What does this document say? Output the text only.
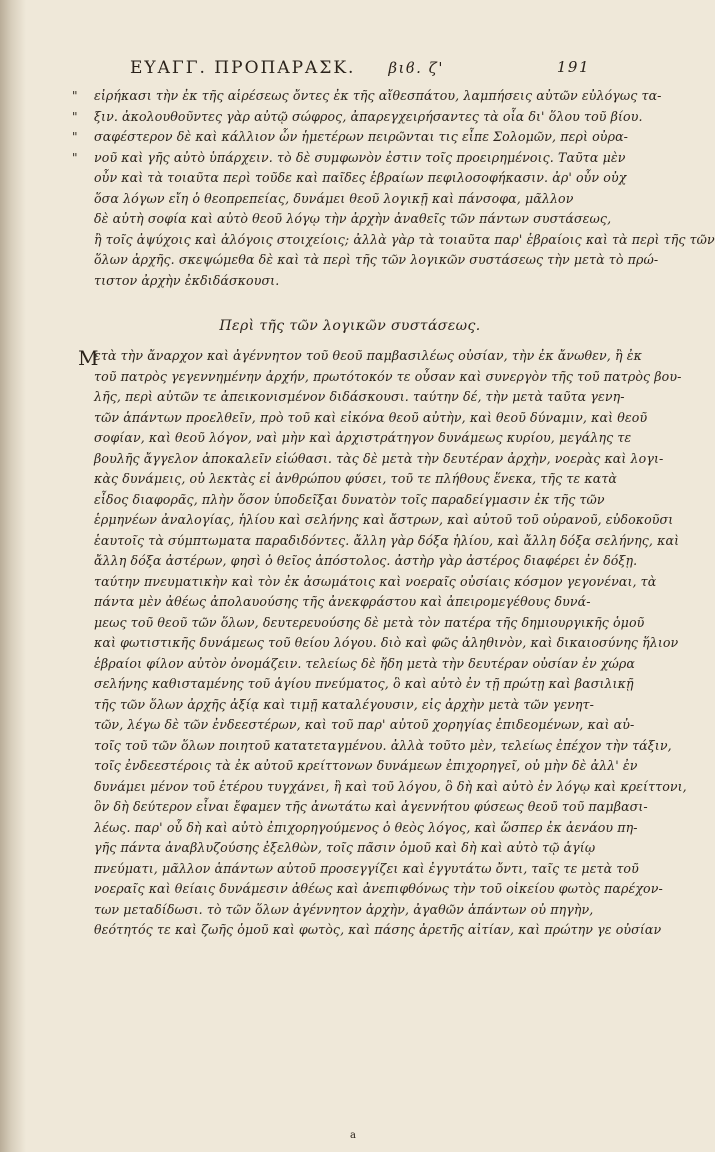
ΕΥΑΓΓ. ΠΡΟΠΑΡΑΣΚ. βιϐ. ζ'	191
" εἰρήκασι τὴν ἐκ τῆς αἱρέσεως ὄντες ἐκ τῆς αἴθεσπάτου, λαμπήσεις αὐτῶν εὐλόγως τα-
" ξιν. ἀκολουθοῦντες γὰρ αὐτῷ σώφρος, ἀπαρεγχειρήσαντες τὰ οἷα δι' ὅλου τοῦ βίου.
" σαφέστερον δὲ καὶ κάλλιον ὧν ἡμετέρων πειρῶνται τις εἶπε Σολομῶν, περὶ οὐρα-
" νοῦ καὶ γῆς αὐτὸ ὑπάρχειν. τὸ δὲ συμφωνὸν ἐστιν τοῖς προειρημένοις. Ταῦτα μὲν
οὖν καὶ τὰ τοιαῦτα περὶ τοῦδε καὶ παῖδες ἑβραίων πεφιλοσοφήκασιν. ἀρ' οὖν οὐχ
ὅσα λόγων εἴη ὁ θεοπρεπείας, δυνάμει θεοῦ λογικῇ καὶ πάνσοφα, μᾶλλον
δὲ αὐτὴ σοφία καὶ αὐτὸ θεοῦ λόγῳ τὴν ἀρχὴν ἀναθεῖς τῶν πάντων συστάσεως,
ἢ τοῖς ἀψύχοις καὶ ἀλόγοις στοιχείοις; ἀλλὰ γὰρ τὰ τοιαῦτα παρ' ἑβραίοις καὶ τὰ περὶ τῆς τῶν
ὅλων ἀρχῆς. σκεψώμεθα δὲ καὶ τὰ περὶ τῆς τῶν λογικῶν συστάσεως τὴν μετὰ τὸ πρώ-
τιστον ἀρχὴν ἐκδιδάσκουσι.
Περὶ τῆς τῶν λογικῶν συστάσεως.
Μ
ετὰ τὴν ἄναρχον καὶ ἀγέννητον τοῦ θεοῦ παμβασιλέως οὐσίαν, τὴν ἐκ ἄνωθεν, ἢ ἐκ
τοῦ πατρὸς γεγεννημένην ἀρχήν, πρωτότοκόν τε οὖσαν καὶ συνεργὸν τῆς τοῦ πατρὸς βου-
λῆς, περὶ αὐτῶν τε ἀπεικονισμένον διδάσκουσι. ταύτην δέ, τὴν μετὰ ταῦτα γενη-
τῶν ἁπάντων προελθεῖν, πρὸ τοῦ καὶ εἰκόνα θεοῦ αὐτὴν, καὶ θεοῦ δύναμιν, καὶ θεοῦ
σοφίαν, καὶ θεοῦ λόγον, ναὶ μὴν καὶ ἀρχιστράτηγον δυνάμεως κυρίου, μεγάλης τε
βουλῆς ἄγγελον ἀποκαλεῖν εἰώθασι. τὰς δὲ μετὰ τὴν δευτέραν ἀρχὴν, νοερὰς καὶ λογι-
κὰς δυνάμεις, οὐ λεκτὰς εἰ ἀνθρώπου φύσει, τοῦ τε πλήθους ἕνεκα, τῆς τε κατὰ
εἶδος διαφορᾶς, πλὴν ὅσον ὑποδεῖξαι δυνατὸν τοῖς παραδείγμασιν ἐκ τῆς τῶν
ἑρμηνέων ἀναλογίας, ἡλίου καὶ σελήνης καὶ ἄστρων, καὶ αὐτοῦ τοῦ οὐρανοῦ, εὐδοκοῦσι
ἑαυτοῖς τὰ σύμπτωματα παραδιδόντες. ἄλλη γὰρ δόξα ἡλίου, καὶ ἄλλη δόξα σελήνης, καὶ
ἄλλη δόξα ἀστέρων, φησὶ ὁ θεῖος ἀπόστολος. ἀστὴρ γὰρ ἀστέρος διαφέρει ἐν δόξῃ.
ταύτην πνευματικὴν καὶ τὸν ἐκ ἀσωμάτοις καὶ νοεραῖς οὐσίαις κόσμον γεγονέναι, τὰ
πάντα μὲν ἀθέως ἀπολαυούσης τῆς ἀνεκφράστου καὶ ἀπειρομεγέθους δυνά-
μεως τοῦ θεοῦ τῶν ὅλων, δευτερευούσης δὲ μετὰ τὸν πατέρα τῆς δημιουργικῆς ὁμοῦ
καὶ φωτιστικῆς δυνάμεως τοῦ θείου λόγου. διὸ καὶ φῶς ἀληθινὸν, καὶ δικαιοσύνης ἥλιον
ἑβραίοι φίλον αὐτὸν ὀνομάζειν. τελείως δὲ ἤδη μετὰ τὴν δευτέραν οὐσίαν ἐν χώρα
σελήνης καθισταμένης τοῦ ἁγίου πνεύματος, ὃ καὶ αὐτὸ ἐν τῇ πρώτῃ καὶ βασιλικῇ
τῆς τῶν ὅλων ἀρχῆς ἀξίᾳ καὶ τιμῇ καταλέγουσιν, εἰς ἀρχὴν μετὰ τῶν γενητ-
τῶν, λέγω δὲ τῶν ἐνδεεστέρων, καὶ τοῦ παρ' αὐτοῦ χορηγίας ἐπιδεομένων, καὶ αὐ-
τοῖς τοῦ τῶν ὅλων ποιητοῦ κατατεταγμένου. ἀλλὰ τοῦτο μὲν, τελείως ἐπέχον τὴν τάξιν,
τοῖς ἐνδεεστέροις τὰ ἐκ αὐτοῦ κρείττονων δυνάμεων ἐπιχορηγεῖ, οὐ μὴν δὲ ἀλλ' ἐν
δυνάμει μένον τοῦ ἑτέρου τυγχάνει, ἢ καὶ τοῦ λόγου, ὃ δὴ καὶ αὐτὸ ἐν λόγῳ καὶ κρείττονι,
ὃν δὴ δεύτερον εἶναι ἔφαμεν τῆς ἀνωτάτω καὶ ἀγεννήτου φύσεως θεοῦ τοῦ παμβασι-
λέως. παρ' οὗ δὴ καὶ αὐτὸ ἐπιχορηγούμενος ὁ θεὸς λόγος, καὶ ὥσπερ ἐκ ἀενάου πη-
γῆς πάντα ἀναβλυζούσης ἐξελθὼν, τοῖς πᾶσιν ὁμοῦ καὶ δὴ καὶ αὐτὸ τῷ ἁγίῳ
πνεύματι, μᾶλλον ἁπάντων αὐτοῦ προσεγγίζει καὶ ἐγγυτάτω ὄντι, ταῖς τε μετὰ τοῦ
νοεραῖς καὶ θείαις δυνάμεσιν ἀθέως καὶ ἀνεπιφθόνως τὴν τοῦ οἰκείου φωτὸς παρέχον-
των μεταδίδωσι. τὸ τῶν ὅλων ἀγέννητον ἀρχὴν, ἀγαθῶν ἁπάντων οὐ πηγὴν,
θεότητός τε καὶ ζωῆς ὁμοῦ καὶ φωτὸς, καὶ πάσης ἀρετῆς αἰτίαν, καὶ πρώτην γε οὐσίαν
a
